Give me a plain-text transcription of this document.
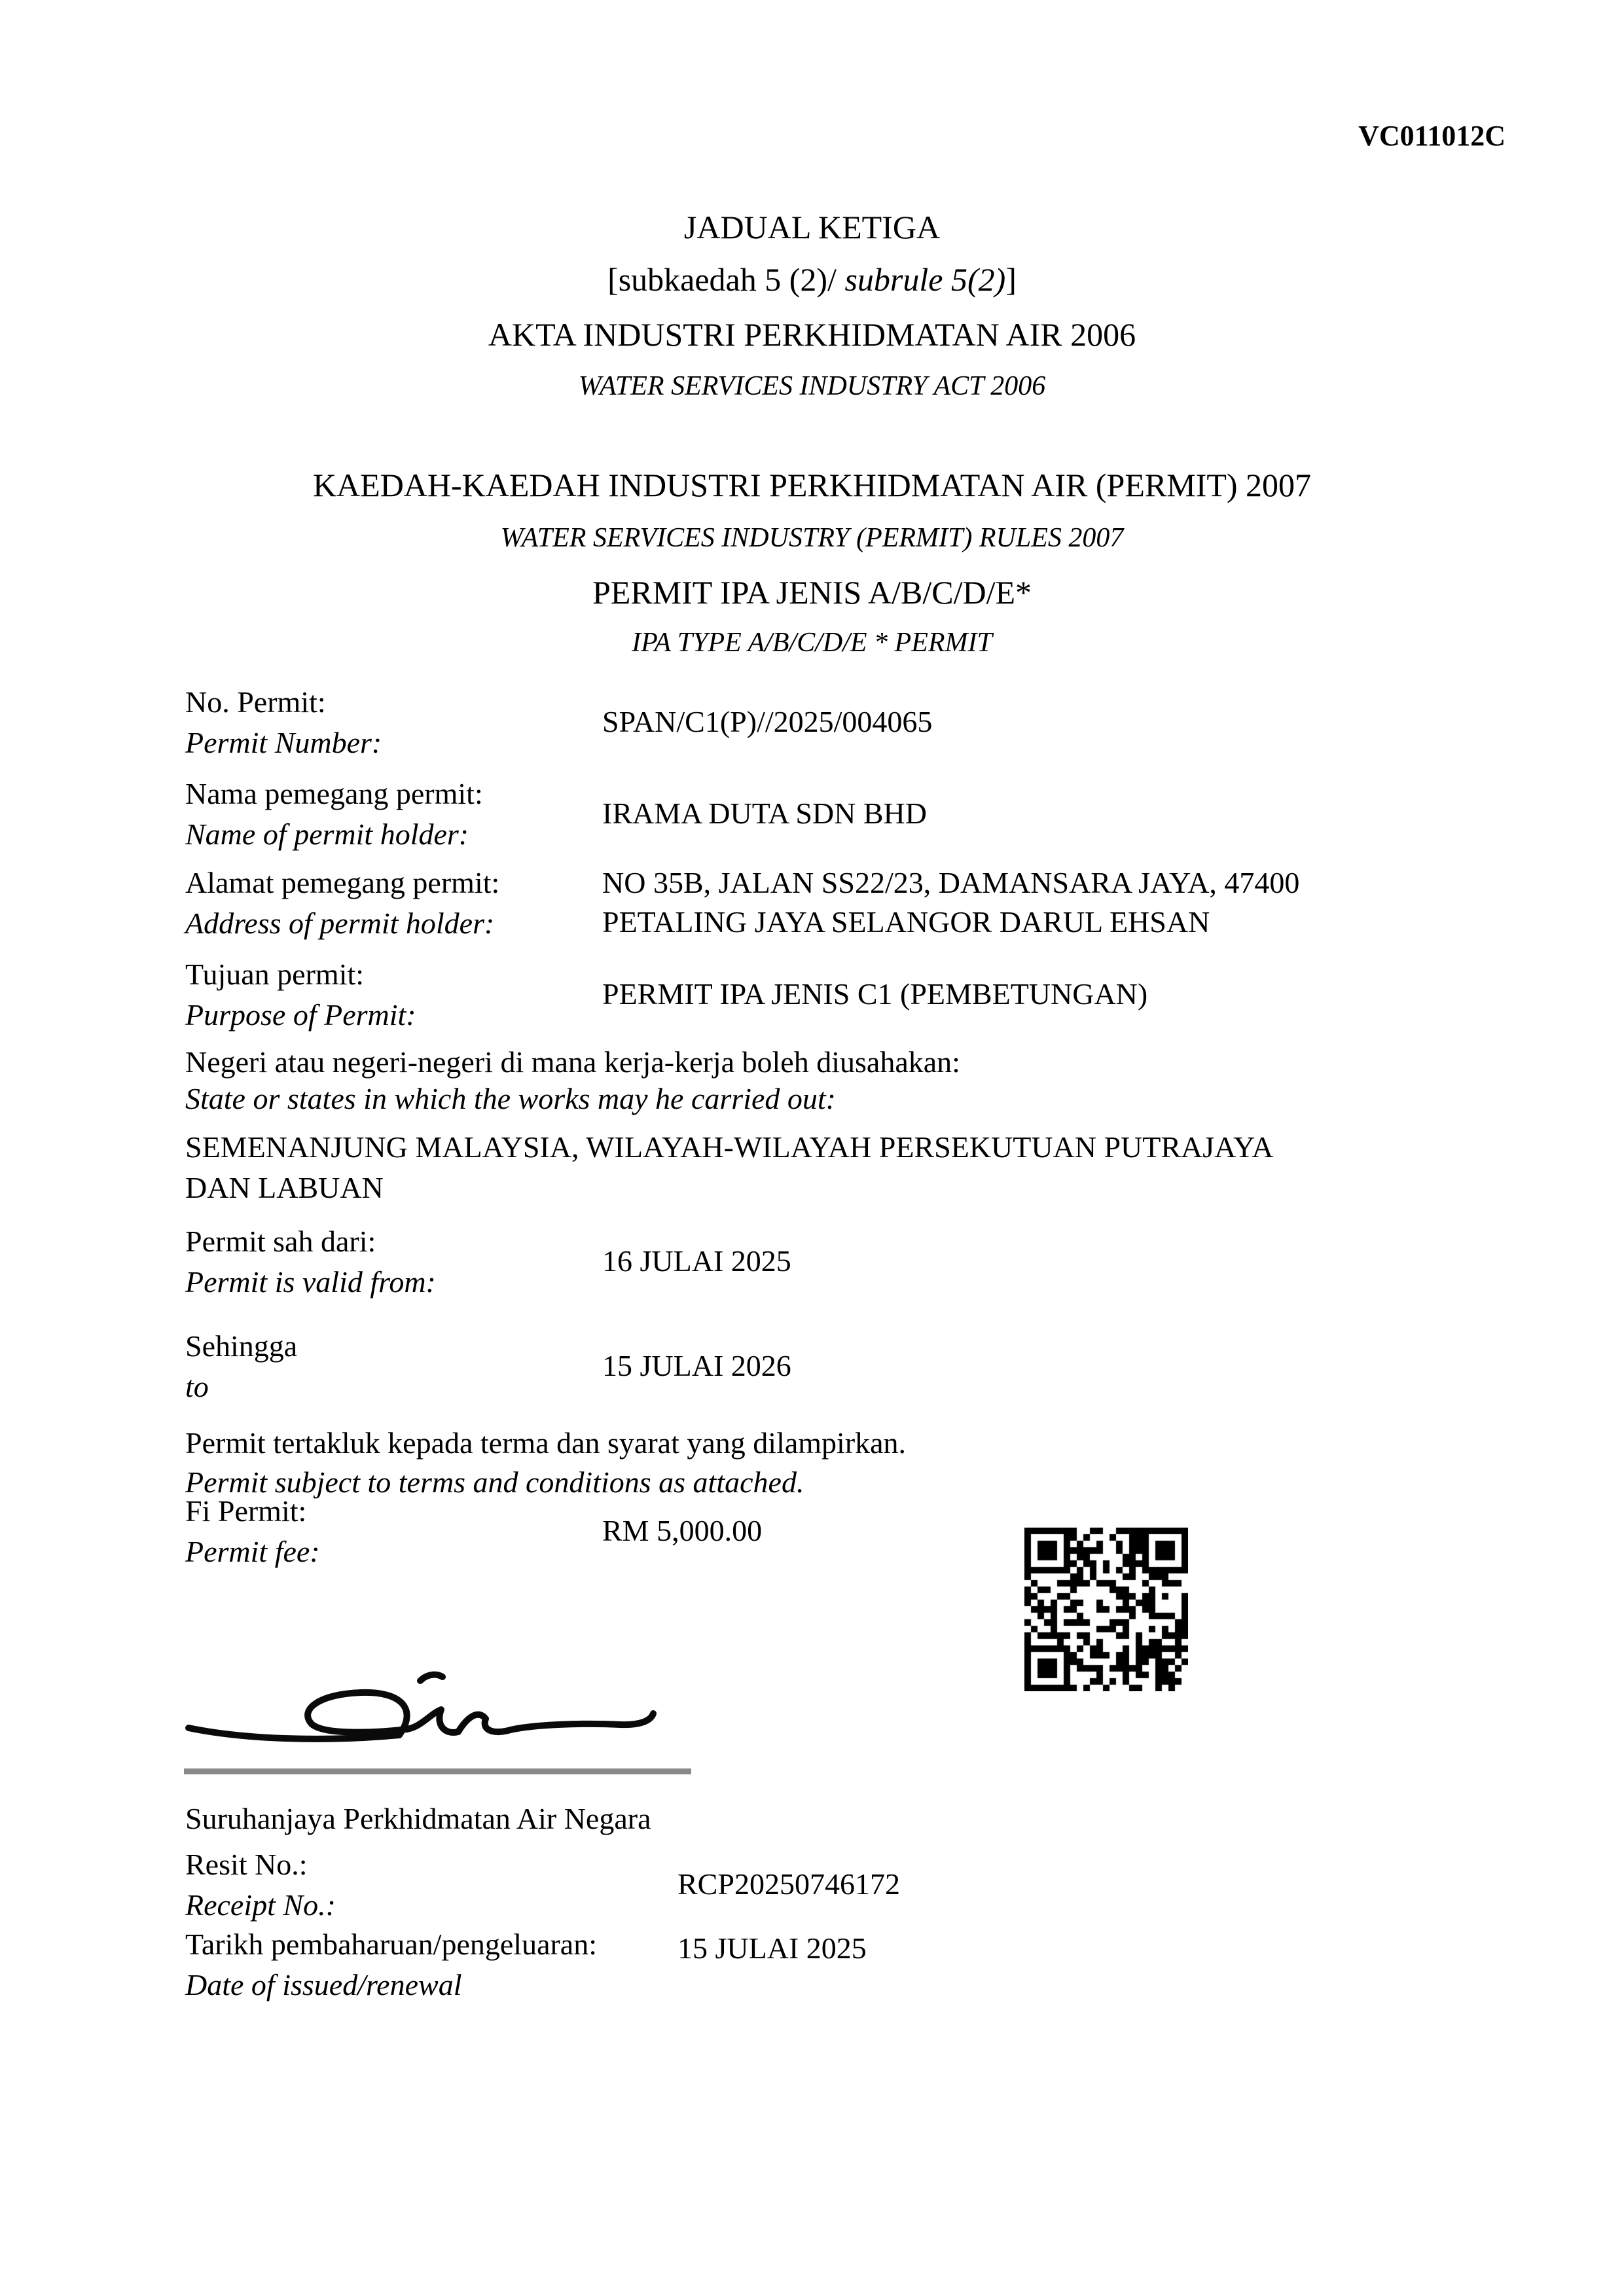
VC011012C
JADUAL KETIGA
[subkaedah 5 (2)/ subrule 5(2)]
AKTA INDUSTRI PERKHIDMATAN AIR 2006
WATER SERVICES INDUSTRY ACT 2006
KAEDAH-KAEDAH INDUSTRI PERKHIDMATAN AIR (PERMIT) 2007
WATER SERVICES INDUSTRY (PERMIT) RULES 2007
PERMIT IPA JENIS A/B/C/D/E*
IPA TYPE A/B/C/D/E * PERMIT
No. Permit:
Permit Number:
SPAN/C1(P)//2025/004065
Nama pemegang permit:
Name of permit holder:
IRAMA DUTA SDN BHD
Alamat pemegang permit:
Address of permit holder:
NO 35B, JALAN SS22/23, DAMANSARA JAYA, 47400
PETALING JAYA SELANGOR DARUL EHSAN
Tujuan permit:
Purpose of Permit:
PERMIT IPA JENIS C1 (PEMBETUNGAN)
Negeri atau negeri-negeri di mana kerja-kerja boleh diusahakan:
State or states in which the works may he carried out:
SEMENANJUNG MALAYSIA, WILAYAH-WILAYAH PERSEKUTUAN PUTRAJAYA
DAN LABUAN
Permit sah dari:
Permit is valid from:
16 JULAI 2025
Sehingga
to
15 JULAI 2026
Permit tertakluk kepada terma dan syarat yang dilampirkan.
Permit subject to terms and conditions as attached.
Fi Permit:
Permit fee:
RM 5,000.00
Suruhanjaya Perkhidmatan Air Negara
Resit No.:
Receipt No.:
RCP20250746172
Tarikh pembaharuan/pengeluaran:
Date of issued/renewal
15 JULAI 2025
